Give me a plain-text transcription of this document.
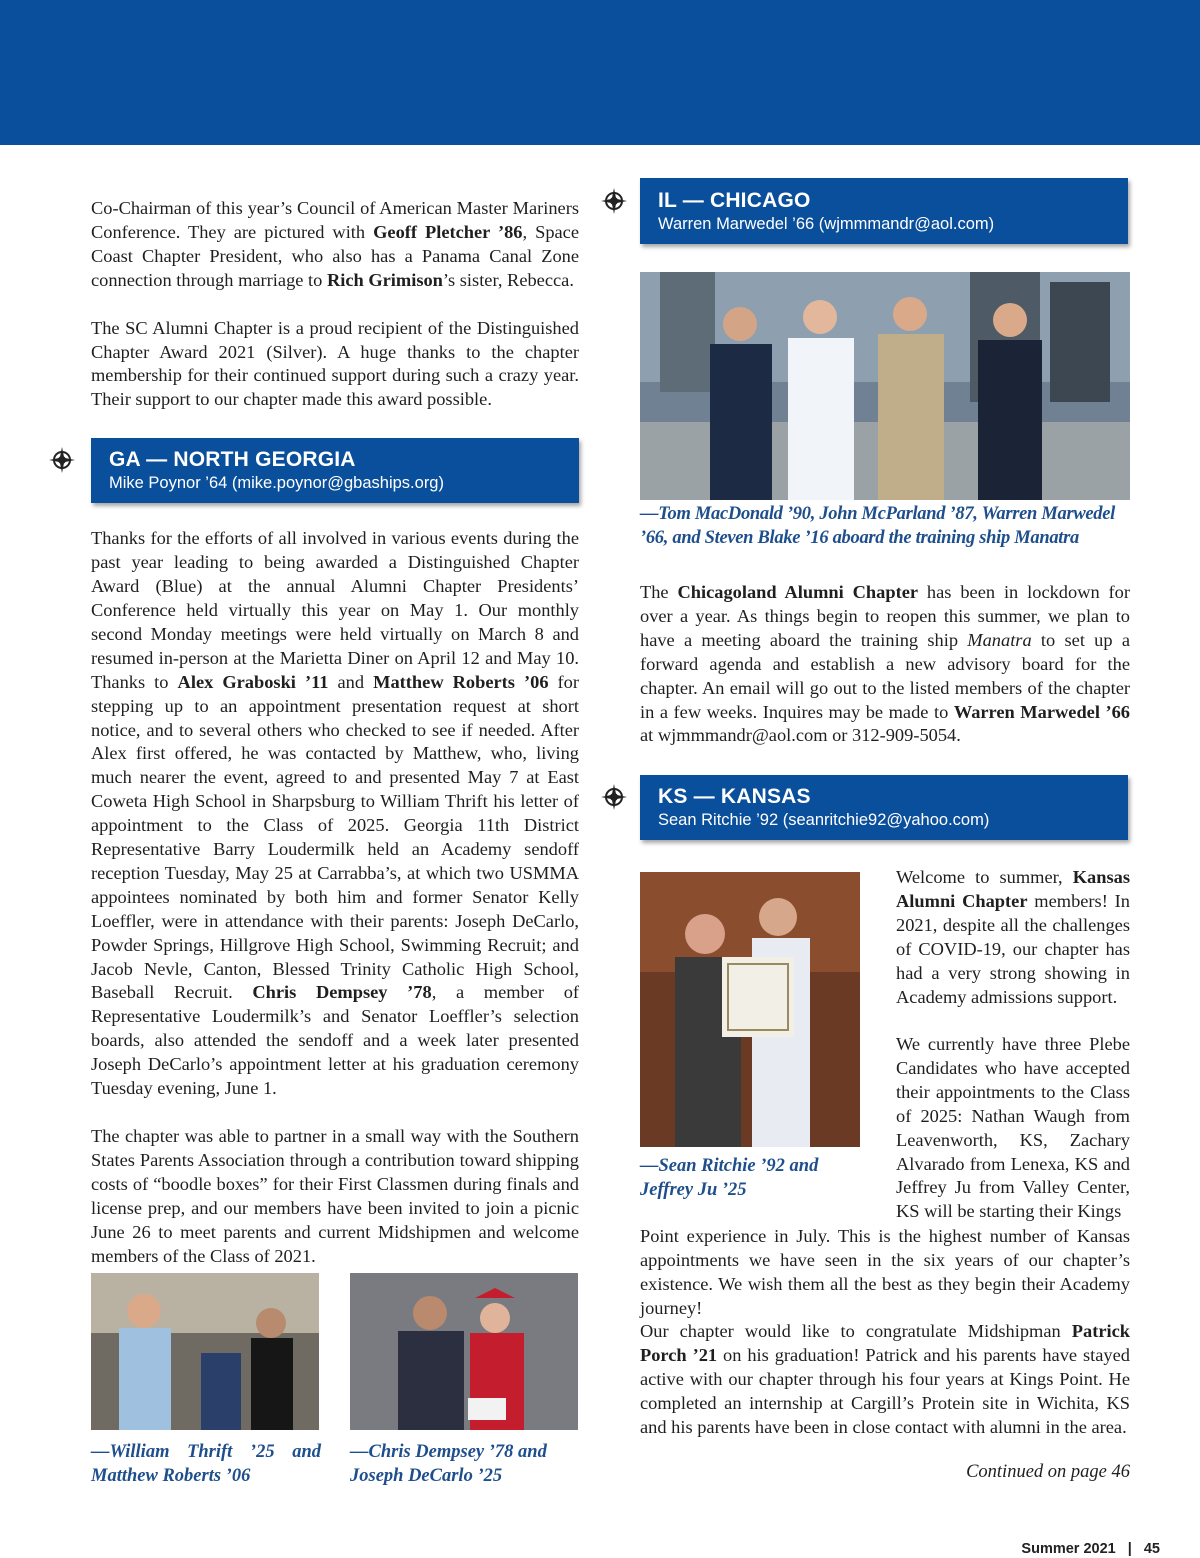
Co-Chairman of this year’s Council of American Master Mariners Conference. They are pictured with Geoff Pletcher ’86, Space Coast Chapter President, who also has a Panama Canal Zone connection through marriage to Rich Grimison’s sister, Rebecca.

The SC Alumni Chapter is a proud recipient of the Distinguished Chapter Award 2021 (Silver). A huge thanks to the chapter membership for their continued support during such a crazy year. Their support to our chapter made this award possible.

GA — NORTH GEORGIA
Mike Poynor ’64 (mike.poynor@gbaships.org)

Thanks for the efforts of all involved in various events during the past year leading to being awarded a Distinguished Chapter Award (Blue) at the annual Alumni Chapter Presidents’ Conference held virtually this year on May 1. Our monthly second Monday meetings were held virtually on March 8 and resumed in-person at the Marietta Diner on April 12 and May 10. Thanks to Alex Graboski ’11 and Matthew Roberts ’06 for stepping up to an appointment presentation request at short notice, and to several others who checked to see if needed. After Alex first offered, he was contacted by Matthew, who, living much nearer the event, agreed to and presented May 7 at East Coweta High School in Sharpsburg to William Thrift his letter of appointment to the Class of 2025. Georgia 11th District Representative Barry Loudermilk held an Academy sendoff reception Tuesday, May 25 at Carrabba’s, at which two USMMA appointees nominated by both him and former Senator Kelly Loeffler, were in attendance with their parents: Joseph DeCarlo, Powder Springs, Hillgrove High School, Swimming Recruit; and Jacob Nevle, Canton, Blessed Trinity Catholic High School, Baseball Recruit. Chris Dempsey ’78, a member of Representative Loudermilk’s and Senator Loeffler’s selection boards, also attended the sendoff and a week later presented Joseph DeCarlo’s appointment letter at his graduation ceremony Tuesday evening, June 1.

The chapter was able to partner in a small way with the Southern States Parents Association through a contribution toward shipping costs of “boodle boxes” for their First Classmen during finals and license prep, and our members have been invited to join a picnic June 26 to meet parents and current Midshipmen and welcome members of the Class of 2021.

—William Thrift ’25 and Matthew Roberts ’06
—Chris Dempsey ’78 and Joseph DeCarlo ’25
IL — CHICAGO
Warren Marwedel ’66 (wjmmmandr@aol.com)
—Tom MacDonald ’90, John McParland ’87, Warren Marwedel ’66, and Steven Blake ’16 aboard the training ship Manatra

The Chicagoland Alumni Chapter has been in lockdown for over a year. As things begin to reopen this summer, we plan to have a meeting aboard the training ship Manatra to set up a forward agenda and establish a new advisory board for the chapter. An email will go out to the listed members of the chapter in a few weeks. Inquires may be made to Warren Marwedel ’66 at wjmmmandr@aol.com or 312-909-5054.

KS — KANSAS
Sean Ritchie ’92 (seanritchie92@yahoo.com)
—Sean Ritchie ’92 and Jeffrey Ju ’25

Welcome to summer, Kansas Alumni Chapter members! In 2021, despite all the challenges of COVID-19, our chapter has had a very strong showing in Academy admissions support.

We currently have three Plebe Candidates who have accepted their appointments to the Class of 2025: Nathan Waugh from Leavenworth, KS, Zachary Alvarado from Lenexa, KS and Jeffrey Ju from Valley Center, KS will be starting their Kings

Point experience in July. This is the highest number of Kansas appointments we have seen in the six years of our chapter’s existence. We wish them all the best as they begin their Academy journey!

Our chapter would like to congratulate Midshipman Patrick Porch ’21 on his graduation! Patrick and his parents have stayed active with our chapter through his four years at Kings Point. He completed an internship at Cargill’s Protein site in Wichita, KS and his parents have been in close contact with alumni in the area.

Continued on page 46
Summer 2021 | 45
